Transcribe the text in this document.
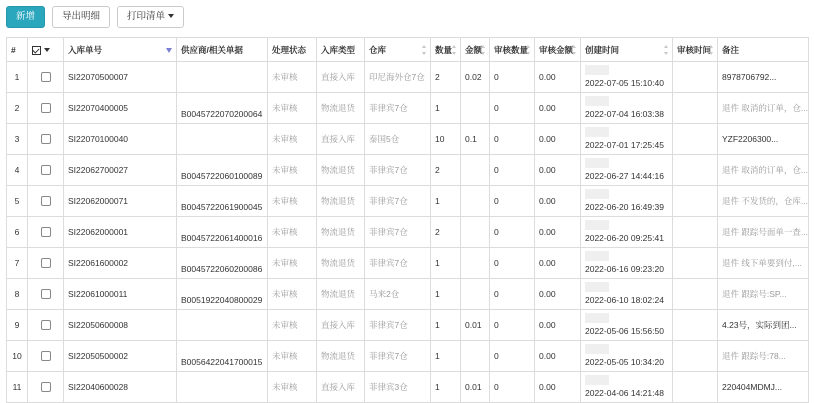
新增	导出明细	打印清单
#		入库单号	供应商/相关单据	处理状态	入库类型	仓库	数量	金额	审核数量	审核金额	创建时间	审核时间	备注
1		SI22070500007		未审核	直接入库	印尼海外仓7仓	2	0.02	0	0.00	2022-07-05 15:10:40		8978706792...
2		SI22070400005	B0045722070200064	未审核	物流退货	菲律宾7仓	1		0	0.00	2022-07-04 16:03:38		退件 取消的订单，仓...
3		SI22070100040		未审核	直接入库	泰国5仓	10	0.1	0	0.00	2022-07-01 17:25:45		YZF2206300...
4		SI22062700027	B0045722060100089	未审核	物流退货	菲律宾7仓	2		0	0.00	2022-06-27 14:44:16		退件 取消的订单，仓...
5		SI22062000071	B0045722061900045	未审核	物流退货	菲律宾7仓	1		0	0.00	2022-06-20 16:49:39		退件 不发货的，仓库...
6		SI22062000001	B0045722061400016	未审核	物流退货	菲律宾7仓	2		0	0.00	2022-06-20 09:25:41		退件 跟踪号面单一查...
7		SI22061600002	B0045722060200086	未审核	物流退货	菲律宾7仓	1		0	0.00	2022-06-16 09:23:20		退件 线下单要到付,...
8		SI22061000011	B0051922040800029	未审核	物流退货	马来2仓	1		0	0.00	2022-06-10 18:02:24		退件 跟踪号:SP...
9		SI22050600008		未审核	直接入库	菲律宾7仓	1	0.01	0	0.00	2022-05-06 15:56:50		4.23号，实际到团...
10		SI22050500002	B0056422041700015	未审核	物流退货	菲律宾7仓	1		0	0.00	2022-05-05 10:34:20		退件 跟踪号:78...
11		SI22040600028		未审核	直接入库	菲律宾3仓	1	0.01	0	0.00	2022-04-06 14:21:48		220404MDMJ...
